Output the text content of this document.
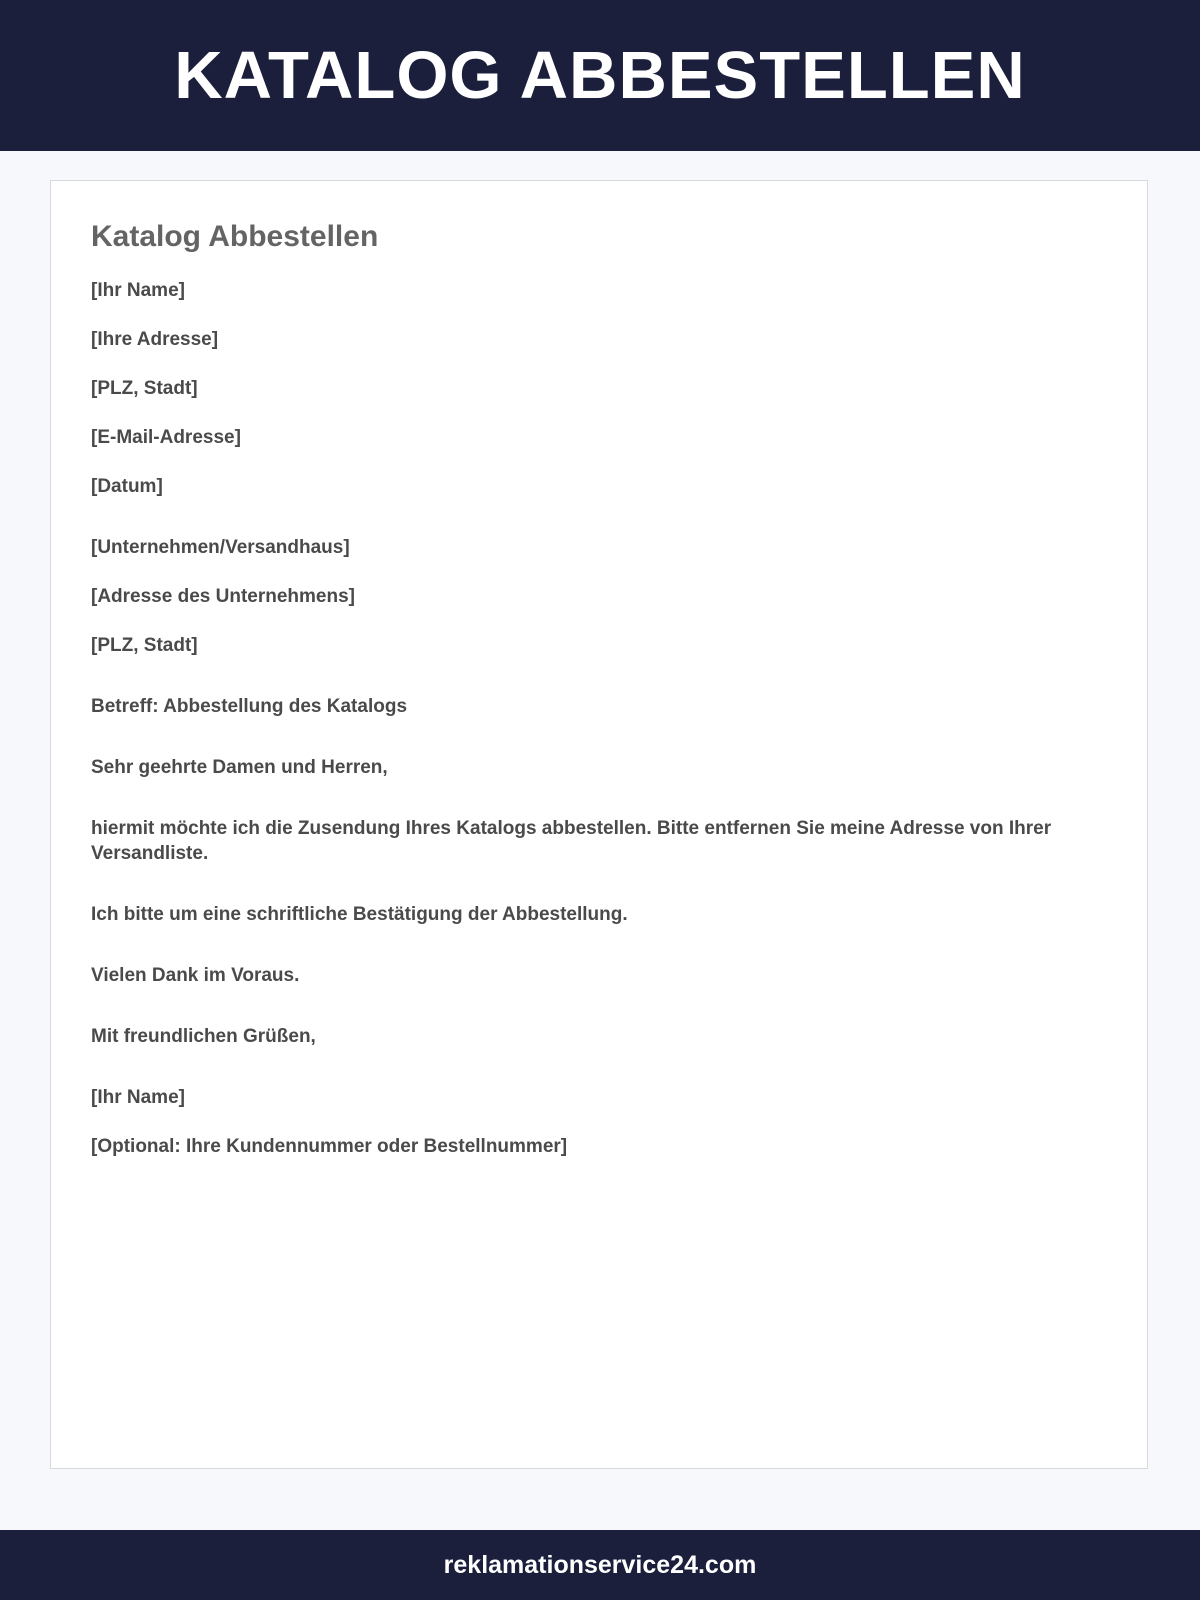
KATALOG ABBESTELLEN
Katalog Abbestellen

[Ihr Name]

[Ihre Adresse]

[PLZ, Stadt]

[E-Mail-Adresse]

[Datum]

[Unternehmen/Versandhaus]

[Adresse des Unternehmens]

[PLZ, Stadt]

Betreff: Abbestellung des Katalogs

Sehr geehrte Damen und Herren,

hiermit möchte ich die Zusendung Ihres Katalogs abbestellen. Bitte entfernen Sie meine Adresse von Ihrer Versandliste.

Ich bitte um eine schriftliche Bestätigung der Abbestellung.

Vielen Dank im Voraus.

Mit freundlichen Grüßen,

[Ihr Name]

[Optional: Ihre Kundennummer oder Bestellnummer]

reklamationservice24.com
